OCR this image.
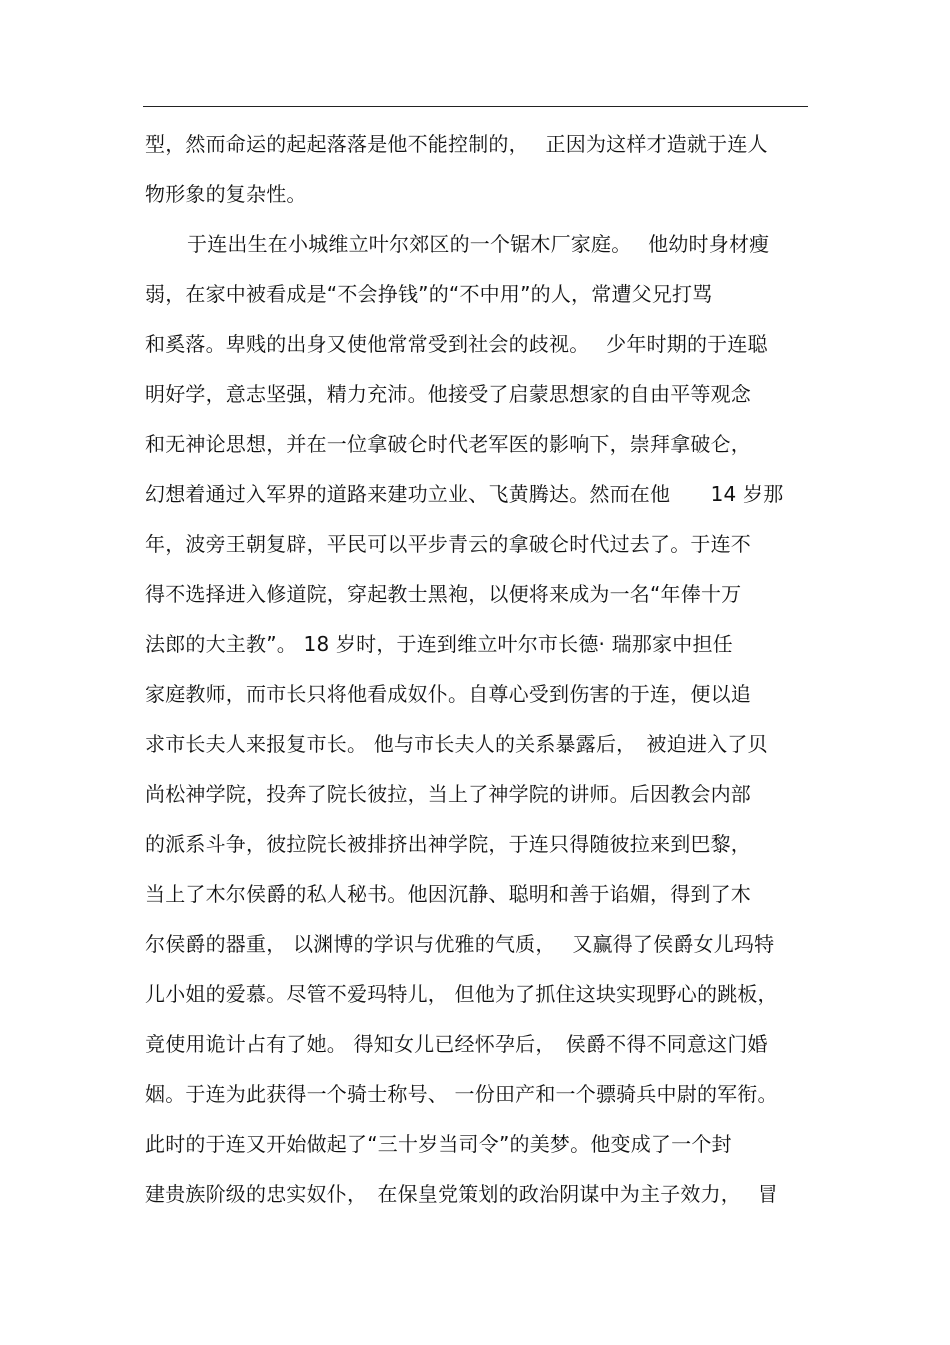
型，然而命运的起起落落是他不能控制的，　 正因为这样才造就于连人
物形象的复杂性。
于连出生在小城维立叶尔郊区的一个锯木厂家庭。　 他幼时身材瘦
弱，在家中被看成是“不会挣钱”的“不中用”的人，常遭父兄打骂
和奚落。卑贱的出身又使他常常受到社会的歧视。　 少年时期的于连聪
明好学，意志坚强，精力充沛。他接受了启蒙思想家的自由平等观念
和无神论思想，并在一位拿破仑时代老军医的影响下，崇拜拿破仑，
幻想着通过入军界的道路来建功立业、飞黄腾达。然而在他　　14 岁那
年，波旁王朝复辟，平民可以平步青云的拿破仑时代过去了。于连不
得不选择进入修道院，穿起教士黑袍，以便将来成为一名“年俸十万
法郎的大主教”。 18 岁时，于连到维立叶尔市长德· 瑞那家中担任
家庭教师，而市长只将他看成奴仆。自尊心受到伤害的于连，便以追
求市长夫人来报复市长。 他与市长夫人的关系暴露后，　被迫进入了贝
尚松神学院，投奔了院长彼拉，当上了神学院的讲师。后因教会内部
的派系斗争，彼拉院长被排挤出神学院，于连只得随彼拉来到巴黎，
当上了木尔侯爵的私人秘书。他因沉静、聪明和善于谄媚，得到了木
尔侯爵的器重， 以渊博的学识与优雅的气质，　 又赢得了侯爵女儿玛特
儿小姐的爱慕。尽管不爱玛特儿， 但他为了抓住这块实现野心的跳板，
竟使用诡计占有了她。 得知女儿已经怀孕后，　侯爵不得不同意这门婚
姻。于连为此获得一个骑士称号、 一份田产和一个骠骑兵中尉的军衔。
此时的于连又开始做起了“三十岁当司令”的美梦。他变成了一个封
建贵族阶级的忠实奴仆，　在保皇党策划的政治阴谋中为主子效力，　 冒
